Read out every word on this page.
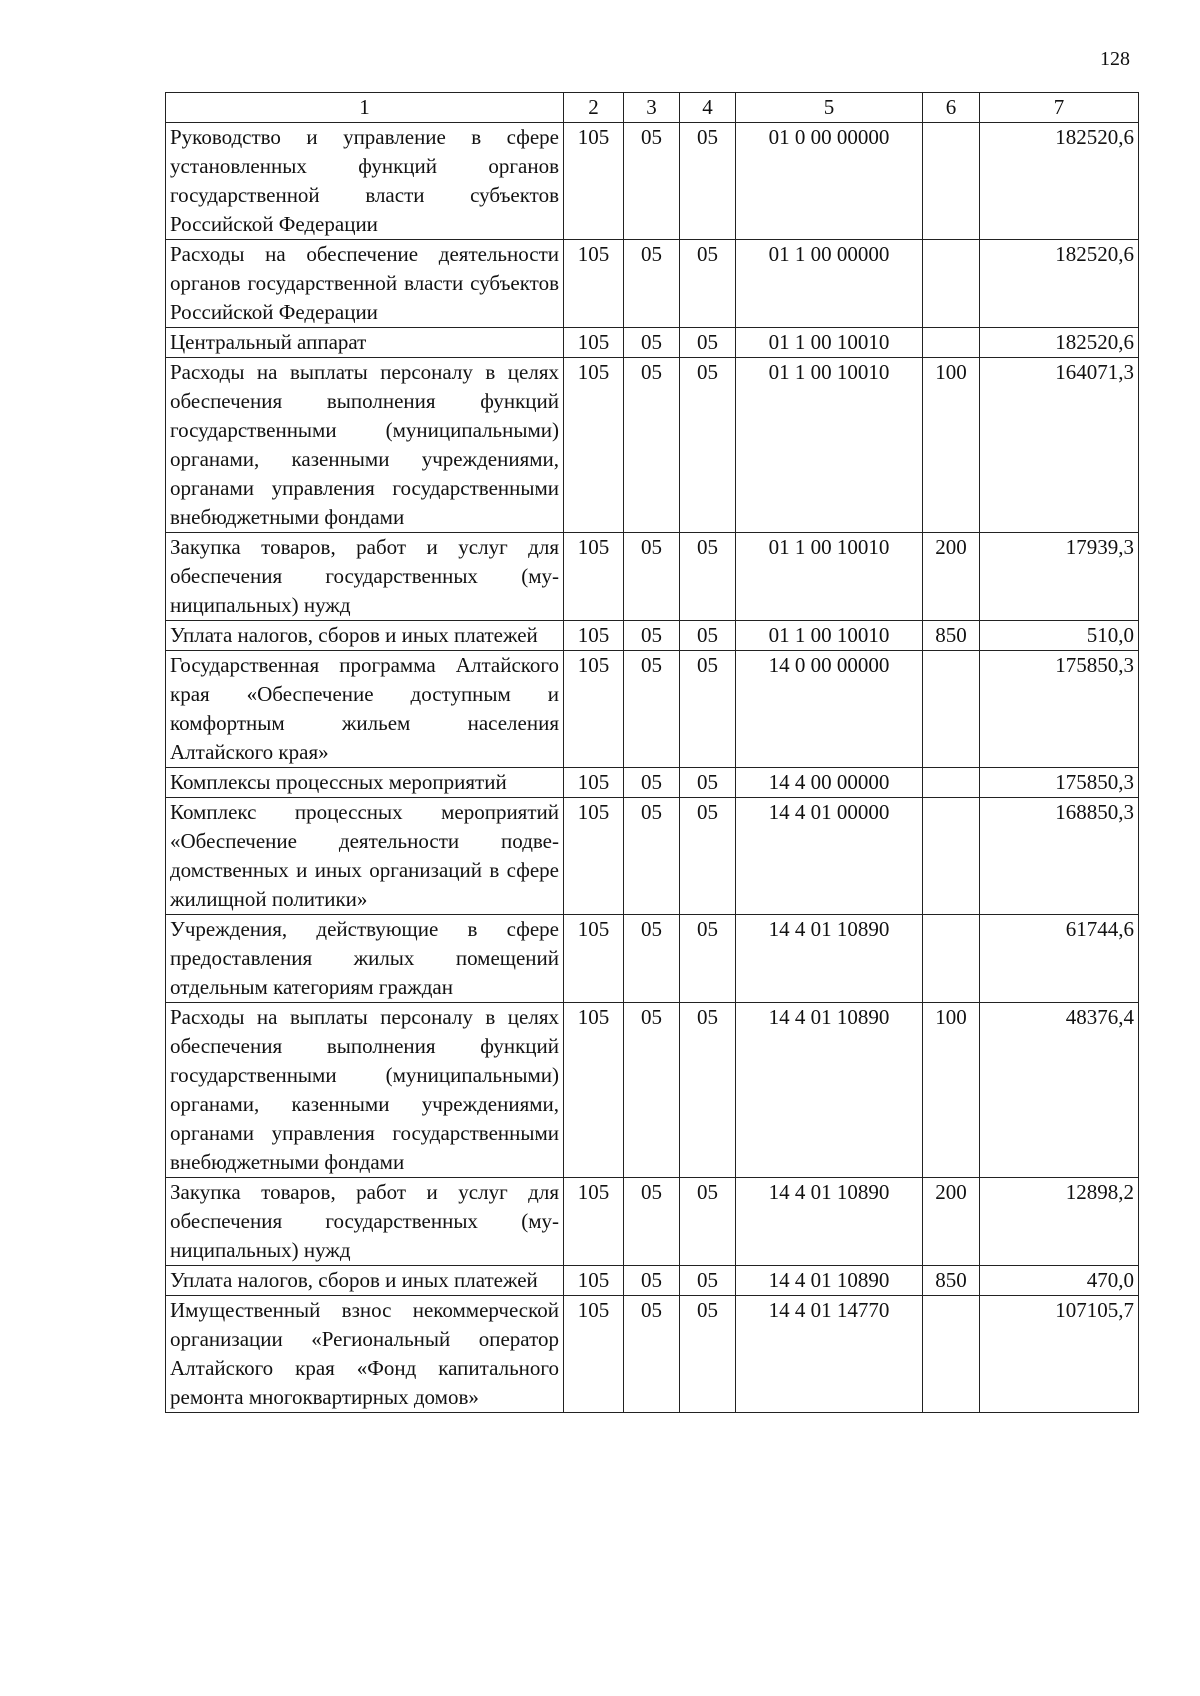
128
1	2	3	4	5	6	7
Руководство и управление в сфере установленных функций органов государственной власти субъектов Российской Федерации	105	05	05	01 0 00 00000		182520,6
Расходы на обеспечение деятельности органов государственной власти субъектов Российской Федерации	105	05	05	01 1 00 00000		182520,6
Центральный аппарат	105	05	05	01 1 00 10010		182520,6
Расходы на выплаты персоналу в целях обеспечения выполнения функций государственными (муниципальными) органами, казенными учреждениями, органами управления государственными внебюджетными фондами	105	05	05	01 1 00 10010	100	164071,3
Закупка товаров, работ и услуг для обеспечения государственных (муниципальных) нужд	105	05	05	01 1 00 10010	200	17939,3
Уплата налогов, сборов и иных платежей	105	05	05	01 1 00 10010	850	510,0
Государственная программа Алтайского края «Обеспечение доступным и комфортным жильем населения Алтайского края»	105	05	05	14 0 00 00000		175850,3
Комплексы процессных мероприятий	105	05	05	14 4 00 00000		175850,3
Комплекс процессных мероприятий «Обеспечение деятельности подведомственных и иных организаций в сфере жилищной политики»	105	05	05	14 4 01 00000		168850,3
Учреждения, действующие в сфере предоставления жилых помещений отдельным категориям граждан	105	05	05	14 4 01 10890		61744,6
Расходы на выплаты персоналу в целях обеспечения выполнения функций государственными (муниципальными) органами, казенными учреждениями, органами управления государственными внебюджетными фондами	105	05	05	14 4 01 10890	100	48376,4
Закупка товаров, работ и услуг для обеспечения государственных (муниципальных) нужд	105	05	05	14 4 01 10890	200	12898,2
Уплата налогов, сборов и иных платежей	105	05	05	14 4 01 10890	850	470,0
Имущественный взнос некоммерческой организации «Региональный оператор Алтайского края «Фонд капитального ремонта многоквартирных домов»	105	05	05	14 4 01 14770		107105,7
